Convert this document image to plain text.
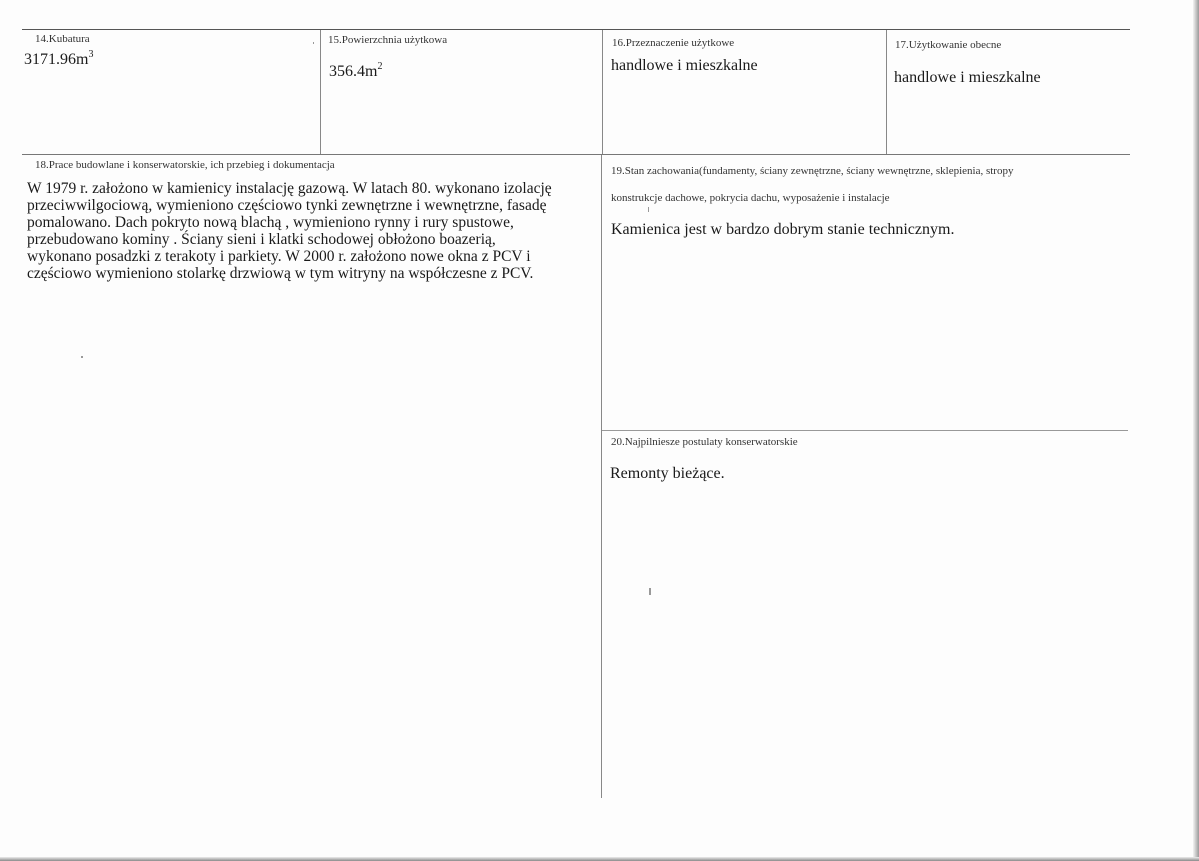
14.Kubatura
$3171.96m^3$
15.Powierzchnia użytkowa
$356.4m^2$
16.Przeznaczenie użytkowe
handlowe i mieszkalne
17.Użytkowanie obecne
handlowe i mieszkalne
18.Prace budowlane i konserwatorskie, ich przebieg i dokumentacja
W 1979 r. założono w kamienicy instalację gazową. W latach 80. wykonano izolację
przeciwwilgociową, wymieniono częściowo tynki zewnętrzne i wewnętrzne, fasadę
pomalowano. Dach pokryto nową blachą , wymieniono rynny i rury spustowe,
przebudowano kominy . Ściany sieni i klatki schodowej obłożono boazerią,
wykonano posadzki z terakoty i parkiety. W 2000 r. założono nowe okna z PCV i
częściowo wymieniono stolarkę drzwiową w tym witryny na współczesne z PCV.
19.Stan zachowania(fundamenty, ściany zewnętrzne, ściany wewnętrzne, sklepienia, stropy
konstrukcje dachowe, pokrycia dachu, wyposażenie i instalacje
Kamienica jest w bardzo dobrym stanie technicznym.
20.Najpilniesze postulaty konserwatorskie
Remonty bieżące.
